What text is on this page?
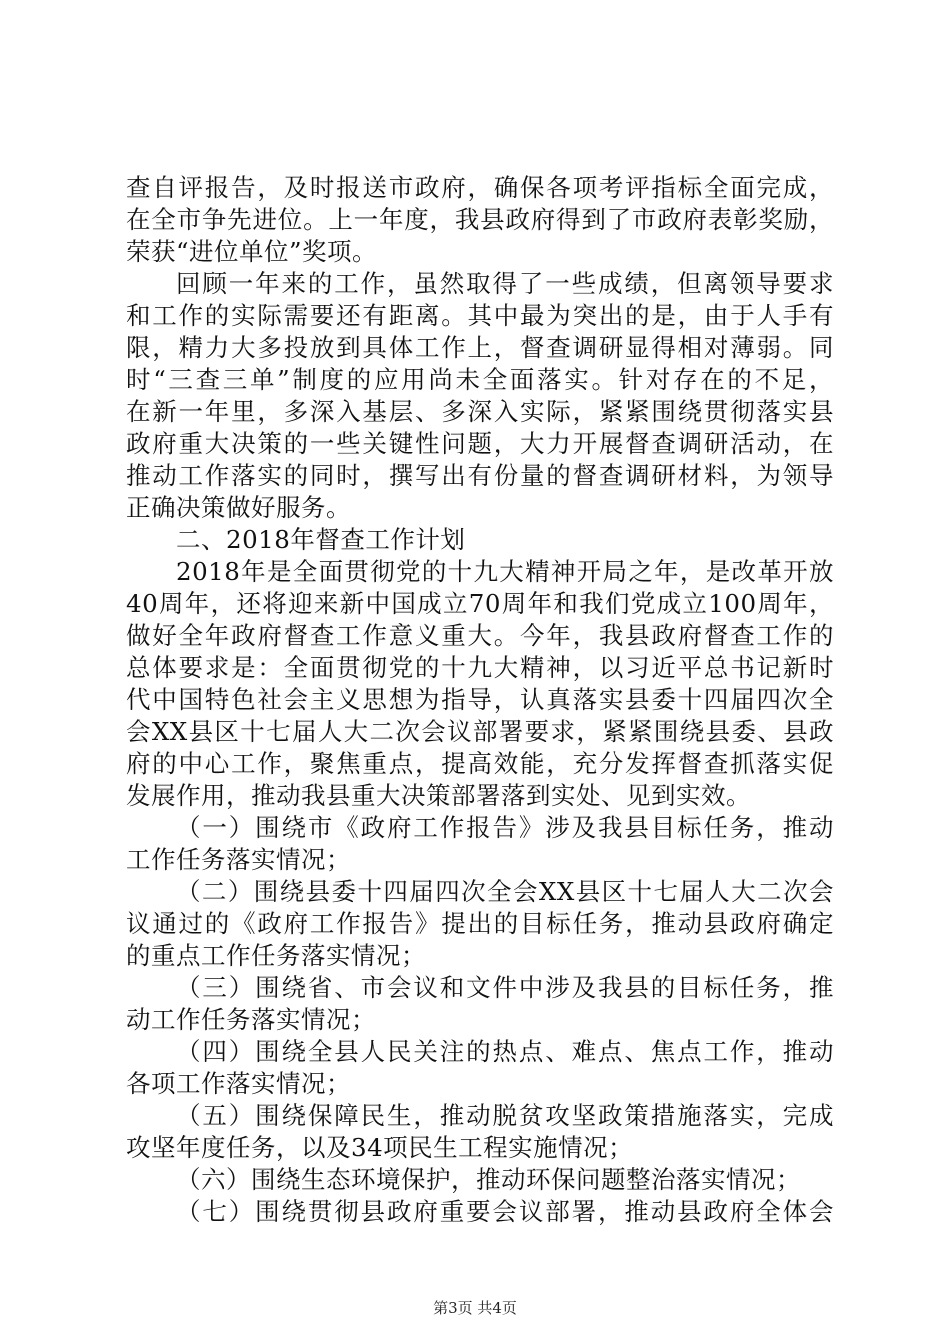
查自评报告，及时报送市政府，确保各项考评指标全面完成，
在全市争先进位。上一年度，我县政府得到了市政府表彰奖励，
荣获“进位单位”奖项。
回顾一年来的工作，虽然取得了一些成绩，但离领导要求
和工作的实际需要还有距离。其中最为突出的是，由于人手有
限，精力大多投放到具体工作上，督查调研显得相对薄弱。同
时“三查三单”制度的应用尚未全面落实。针对存在的不足，
在新一年里，多深入基层、多深入实际，紧紧围绕贯彻落实县
政府重大决策的一些关键性问题，大力开展督查调研活动，在
推动工作落实的同时，撰写出有份量的督查调研材料，为领导
正确决策做好服务。
二、2018年督查工作计划
2018年是全面贯彻党的十九大精神开局之年，是改革开放
40周年，还将迎来新中国成立70周年和我们党成立100周年，
做好全年政府督查工作意义重大。今年，我县政府督查工作的
总体要求是：全面贯彻党的十九大精神，以习近平总书记新时
代中国特色社会主义思想为指导，认真落实县委十四届四次全
会XX县区十七届人大二次会议部署要求，紧紧围绕县委、县政
府的中心工作，聚焦重点，提高效能，充分发挥督查抓落实促
发展作用，推动我县重大决策部署落到实处、见到实效。
（一）围绕市《政府工作报告》涉及我县目标任务，推动
工作任务落实情况；
（二）围绕县委十四届四次全会XX县区十七届人大二次会
议通过的《政府工作报告》提出的目标任务，推动县政府确定
的重点工作任务落实情况；
（三）围绕省、市会议和文件中涉及我县的目标任务，推
动工作任务落实情况；
（四）围绕全县人民关注的热点、难点、焦点工作，推动
各项工作落实情况；
（五）围绕保障民生，推动脱贫攻坚政策措施落实，完成
攻坚年度任务，以及34项民生工程实施情况；
（六）围绕生态环境保护，推动环保问题整治落实情况；
（七）围绕贯彻县政府重要会议部署，推动县政府全体会
第3页 共4页
